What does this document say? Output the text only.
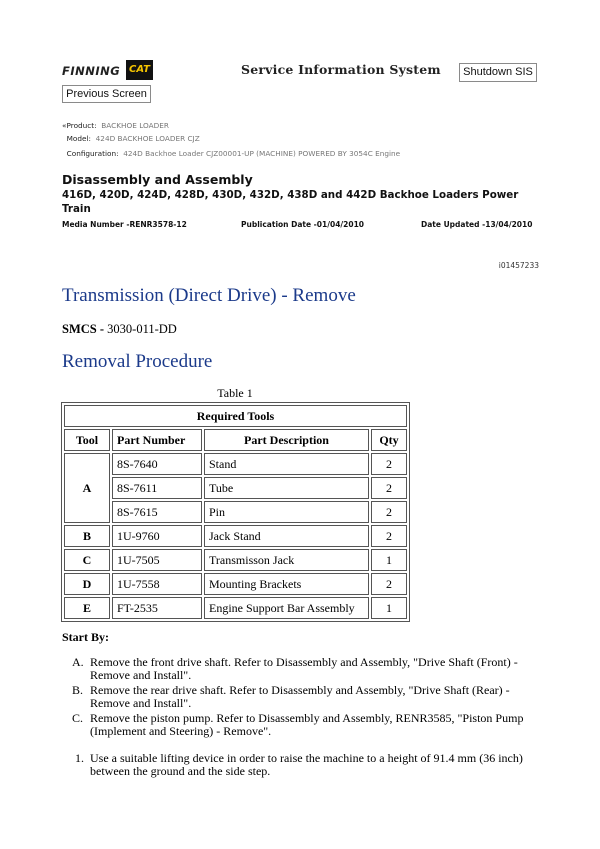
FINNING CAT	Service Information System	Shutdown SIS
Previous Screen
«Product: BACKHOE LOADER
Model: 424D BACKHOE LOADER CJZ
Configuration: 424D Backhoe Loader CJZ00001-UP (MACHINE) POWERED BY 3054C Engine
Disassembly and Assembly
416D, 420D, 424D, 428D, 430D, 432D, 438D and 442D Backhoe Loaders Power Train
Media Number -RENR3578-12	Publication Date -01/04/2010	Date Updated -13/04/2010
i01457233
Transmission (Direct Drive) - Remove
SMCS - 3030-011-DD
Removal Procedure
Table 1
Required Tools			
Tool	Part Number	Part Description	Qty
A	8S-7640	Stand	2
	8S-7611	Tube	2
	8S-7615	Pin	2
B	1U-9760	Jack Stand	2
C	1U-7505	Transmisson Jack	1
D	1U-7558	Mounting Brackets	2
E	FT-2535	Engine Support Bar Assembly	1
Start By:
A. Remove the front drive shaft. Refer to Disassembly and Assembly, "Drive Shaft (Front) - Remove and Install".
B. Remove the rear drive shaft. Refer to Disassembly and Assembly, "Drive Shaft (Rear) - Remove and Install".
C. Remove the piston pump. Refer to Disassembly and Assembly, RENR3585, "Piston Pump (Implement and Steering) - Remove".
1. Use a suitable lifting device in order to raise the machine to a height of 91.4 mm (36 inch) between the ground and the side step.
